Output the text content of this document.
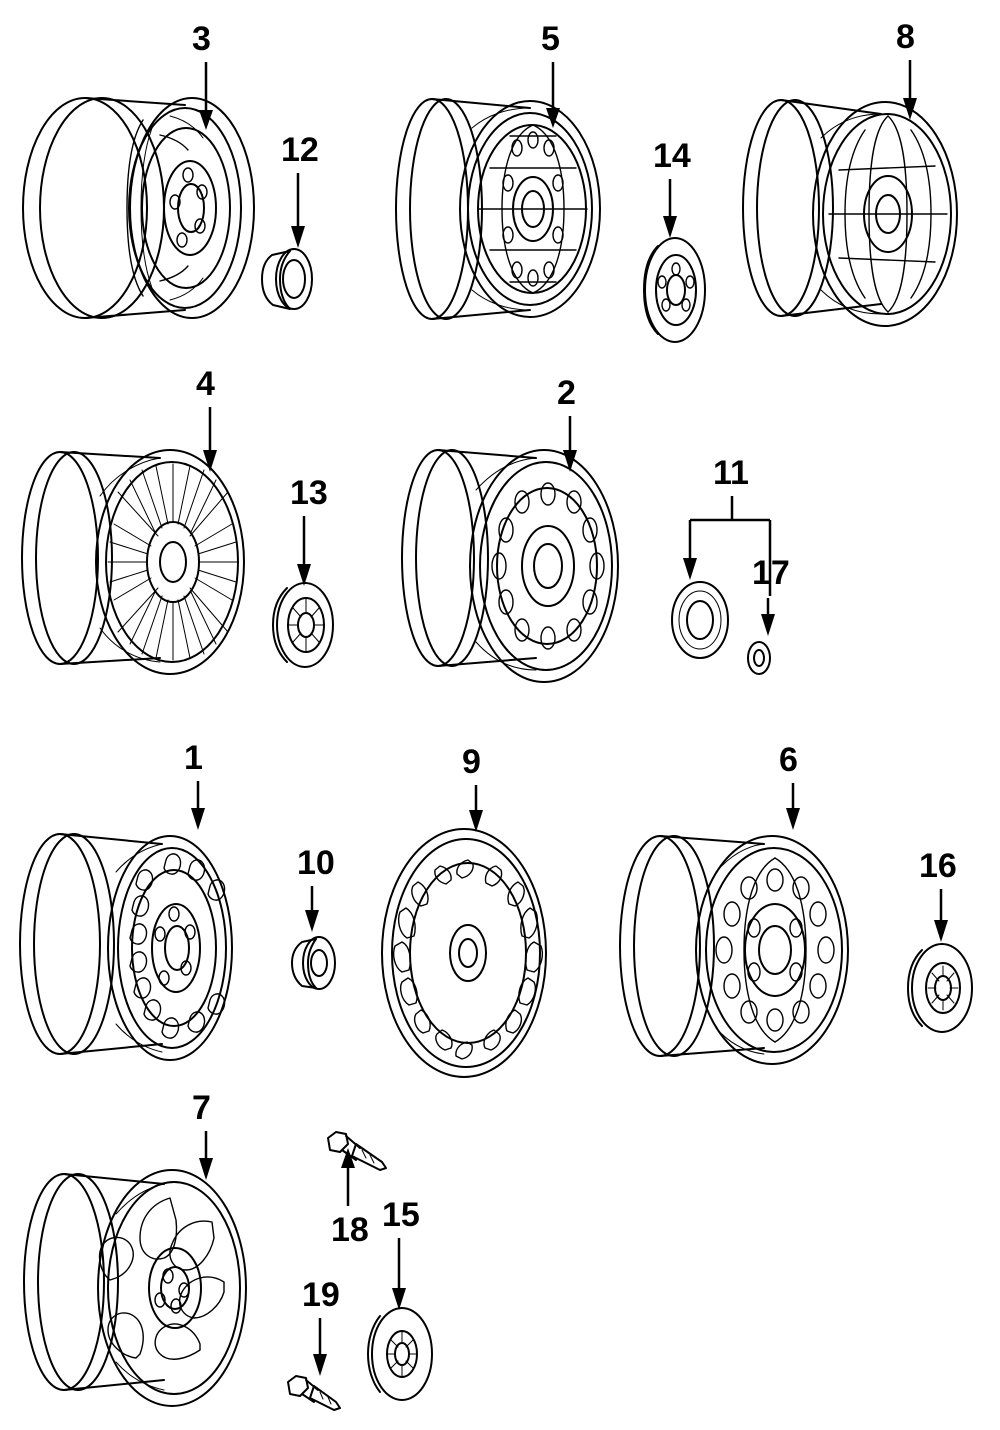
3
12
5
14
8
4
13
2
11
17
1
10
9	6
16
7
18 15
19
